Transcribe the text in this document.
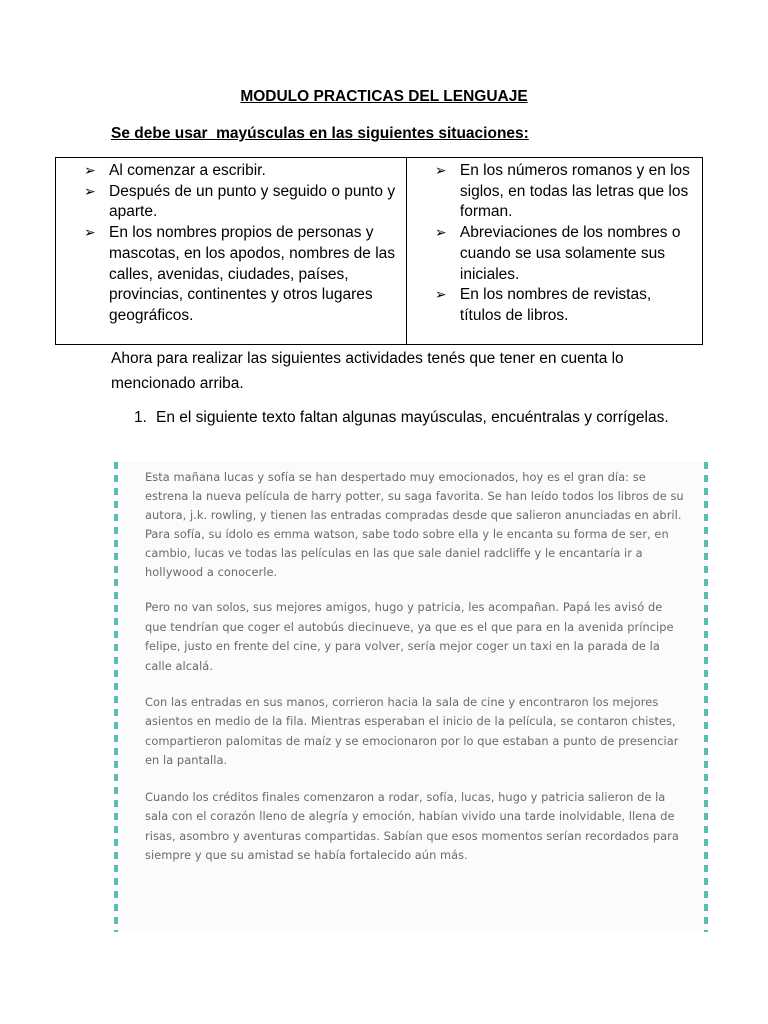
MODULO PRACTICAS DEL LENGUAJE
Se debe usar  mayúsculas en las siguientes situaciones:
➢ Al comenzar a escribir.
➢ Después de un punto y seguido o punto y aparte.
➢ En los nombres propios de personas y mascotas, en los apodos, nombres de las calles, avenidas, ciudades, países, provincias, continentes y otros lugares geográficos.
➢ En los números romanos y en los siglos, en todas las letras que los forman.
➢ Abreviaciones de los nombres o cuando se usa solamente sus iniciales.
➢ En los nombres de revistas, títulos de libros.
Ahora para realizar las siguientes actividades tenés que tener en cuenta lo mencionado arriba.
1. En el siguiente texto faltan algunas mayúsculas, encuéntralas y corrígelas.

Esta mañana lucas y sofía se han despertado muy emocionados, hoy es el gran día: se estrena la nueva película de harry potter, su saga favorita. Se han leído todos los libros de su autora, j.k. rowling, y tienen las entradas compradas desde que salieron anunciadas en abril. Para sofía, su ídolo es emma watson, sabe todo sobre ella y le encanta su forma de ser, en cambio, lucas ve todas las películas en las que sale daniel radcliffe y le encantaría ir a hollywood a conocerle.

Pero no van solos, sus mejores amigos, hugo y patricia, les acompañan. Papá les avisó de que tendrían que coger el autobús diecinueve, ya que es el que para en la avenida príncipe felipe, justo en frente del cine, y para volver, sería mejor coger un taxi en la parada de la calle alcalá.

Con las entradas en sus manos, corrieron hacia la sala de cine y encontraron los mejores asientos en medio de la fila. Mientras esperaban el inicio de la película, se contaron chistes, compartieron palomitas de maíz y se emocionaron por lo que estaban a punto de presenciar en la pantalla.

Cuando los créditos finales comenzaron a rodar, sofía, lucas, hugo y patricia salieron de la sala con el corazón lleno de alegría y emoción, habían vivido una tarde inolvidable, llena de risas, asombro y aventuras compartidas. Sabían que esos momentos serían recordados para siempre y que su amistad se había fortalecido aún más.
